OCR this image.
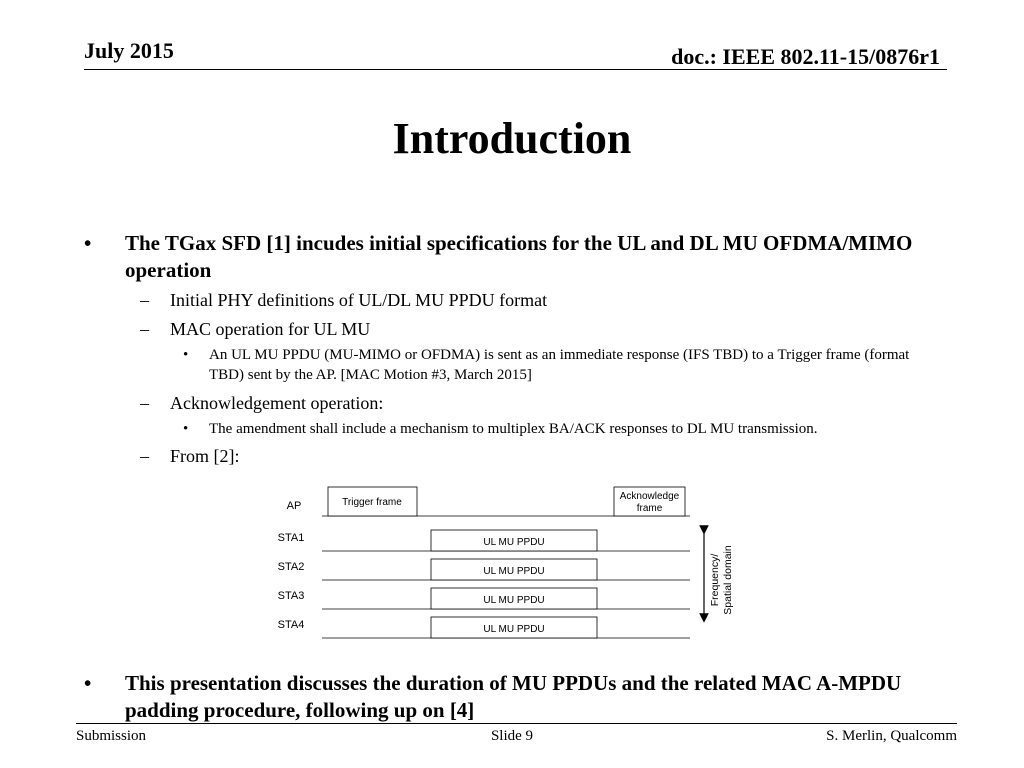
July 2015	doc.: IEEE 802.11-15/0876r1
Introduction
•	The TGax SFD [1] incudes initial specifications for the UL and DL MU OFDMA/MIMO operation
– Initial PHY definitions of UL/DL MU PPDU format
– MAC operation for UL MU
• An UL MU PPDU (MU-MIMO or OFDMA) is sent as an immediate response (IFS TBD) to a Trigger frame (format TBD) sent by the AP. [MAC Motion #3, March 2015]
– Acknowledgement operation:
• The amendment shall include a mechanism to multiplex BA/ACK responses to DL MU transmission.
– From [2]:
AP	Trigger frame
Acknowledge
frame
STA1	UL MU PPDU
STA2	UL MU PPDU
STA3	UL MU PPDU
STA4	UL MU PPDU
Frequency/ Spatial domain
•	This presentation discusses the duration of MU PPDUs and the related MAC A-MPDU padding procedure, following up on [4]
Submission	Slide 9	S. Merlin, Qualcomm
